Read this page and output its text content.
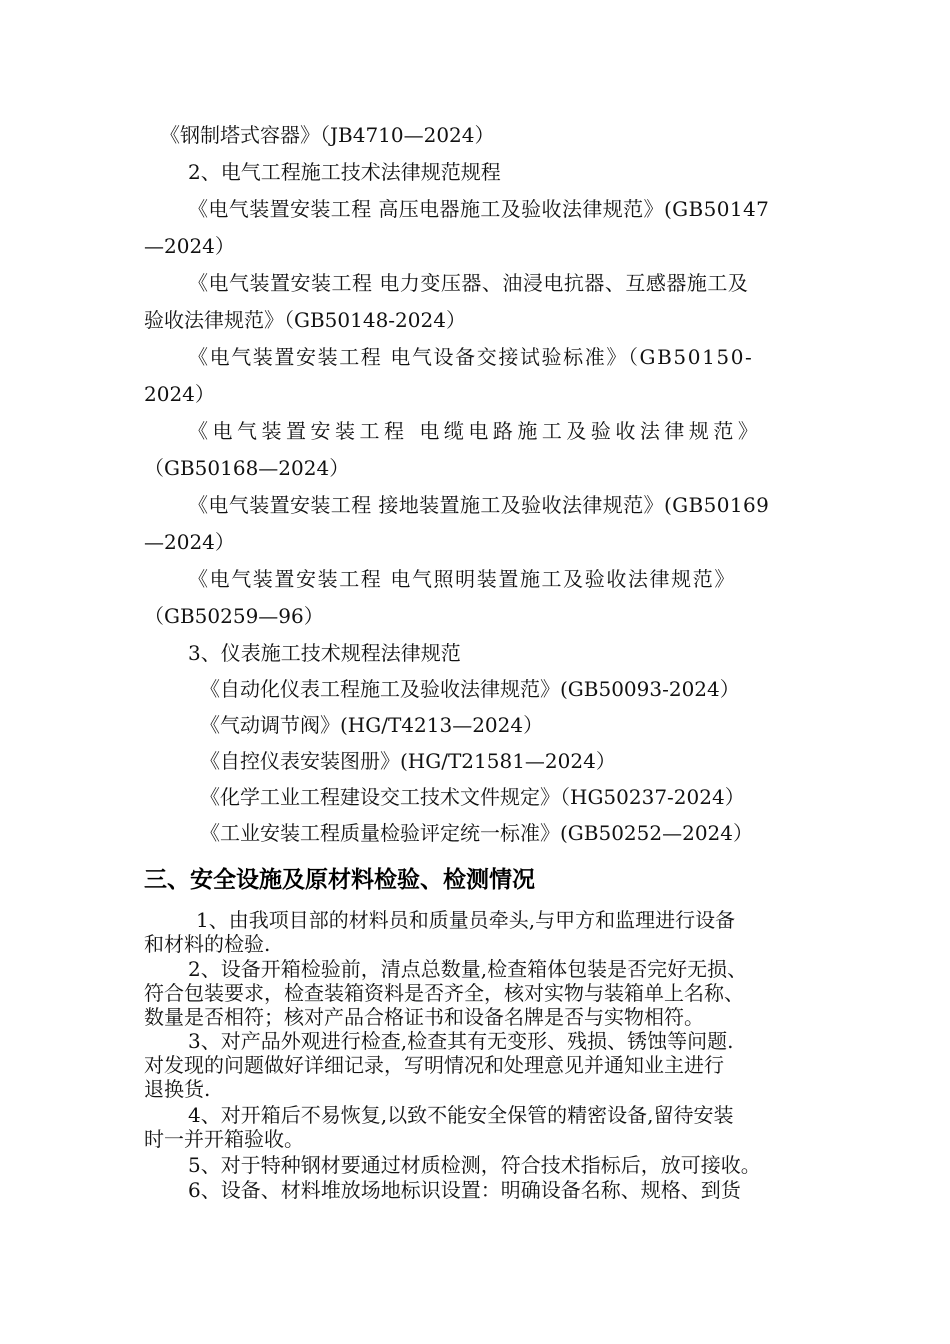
《钢制塔式容器》（JB4710—2024）
2、电气工程施工技术法律规范规程
《电气装置安装工程 高压电器施工及验收法律规范》(GB50147
—2024）
《电气装置安装工程 电力变压器、油浸电抗器、互感器施工及
验收法律规范》（GB50148-2024）
《电气装置安装工程 电气设备交接试验标准》（GB50150-
2024）
《电气装置安装工程 电缆电路施工及验收法律规范》
（GB50168—2024）
《电气装置安装工程 接地装置施工及验收法律规范》(GB50169
—2024）
《电气装置安装工程 电气照明装置施工及验收法律规范》
（GB50259—96）
3、仪表施工技术规程法律规范
《自动化仪表工程施工及验收法律规范》(GB50093-2024）
《气动调节阀》(HG/T4213—2024）
《自控仪表安装图册》(HG/T21581—2024）
《化学工业工程建设交工技术文件规定》（HG50237-2024）
《工业安装工程质量检验评定统一标准》(GB50252—2024）
三、安全设施及原材料检验、检测情况
1、由我项目部的材料员和质量员牵头,与甲方和监理进行设备
和材料的检验.
2、设备开箱检验前，清点总数量,检查箱体包装是否完好无损、
符合包装要求，检查装箱资料是否齐全，核对实物与装箱单上名称、
数量是否相符；核对产品合格证书和设备名牌是否与实物相符。
3、对产品外观进行检查,检查其有无变形、残损、锈蚀等问题.
对发现的问题做好详细记录，写明情况和处理意见并通知业主进行
退换货.
4、对开箱后不易恢复,以致不能安全保管的精密设备,留待安装
时一并开箱验收。
5、对于特种钢材要通过材质检测，符合技术指标后，放可接收。
6、设备、材料堆放场地标识设置：明确设备名称、规格、到货
